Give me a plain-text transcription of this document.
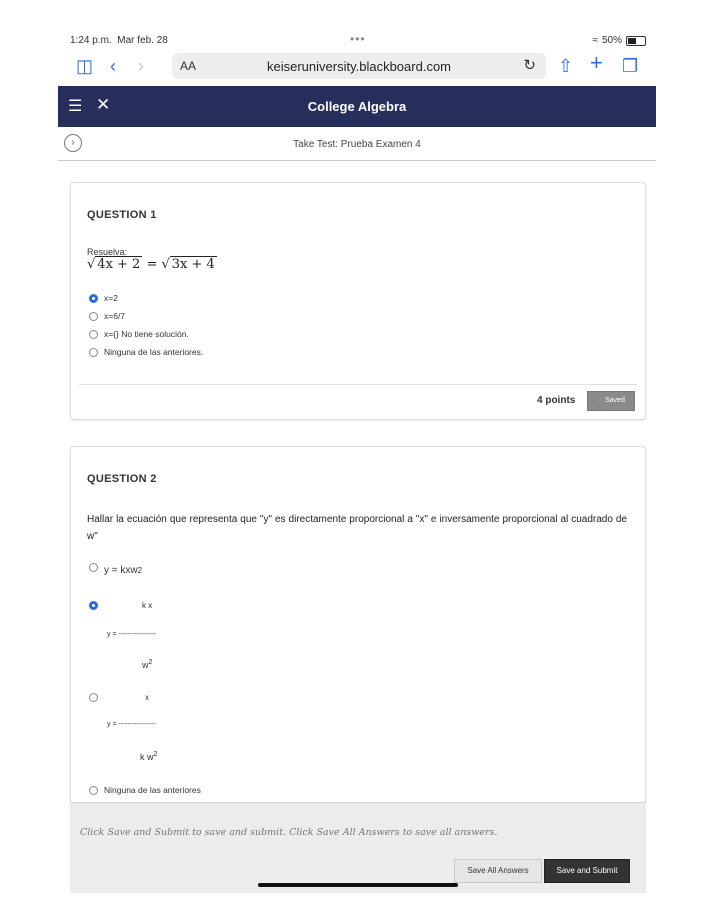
1:24 p.m. Mar feb. 28	•••	≈ 50%
◫ ‹ ›	AA	keiseruniversity.blackboard.com	↻ ⇧ + ❐
☰ ✕	College Algebra
›	Take Test: Prueba Examen 4
QUESTION 1
Resuelva:
√ 4x + 2 = √ 3x + 4
x=2
x=6/7
x={} No tiene solución.
Ninguna de las anteriores.
4 points	✓ Saved
QUESTION 2
Hallar la ecuación que representa que "y" es directamente proporcional a "x" e inversamente proporcional al cuadrado de w"
y = kxw 2
k x
y = ----------------
$w^2$
x
y = ----------------
k $w^2$
Ninguna de las anteriores
Click Save and Submit to save and submit. Click Save All Answers to save all answers.
Save All Answers	Save and Submit
